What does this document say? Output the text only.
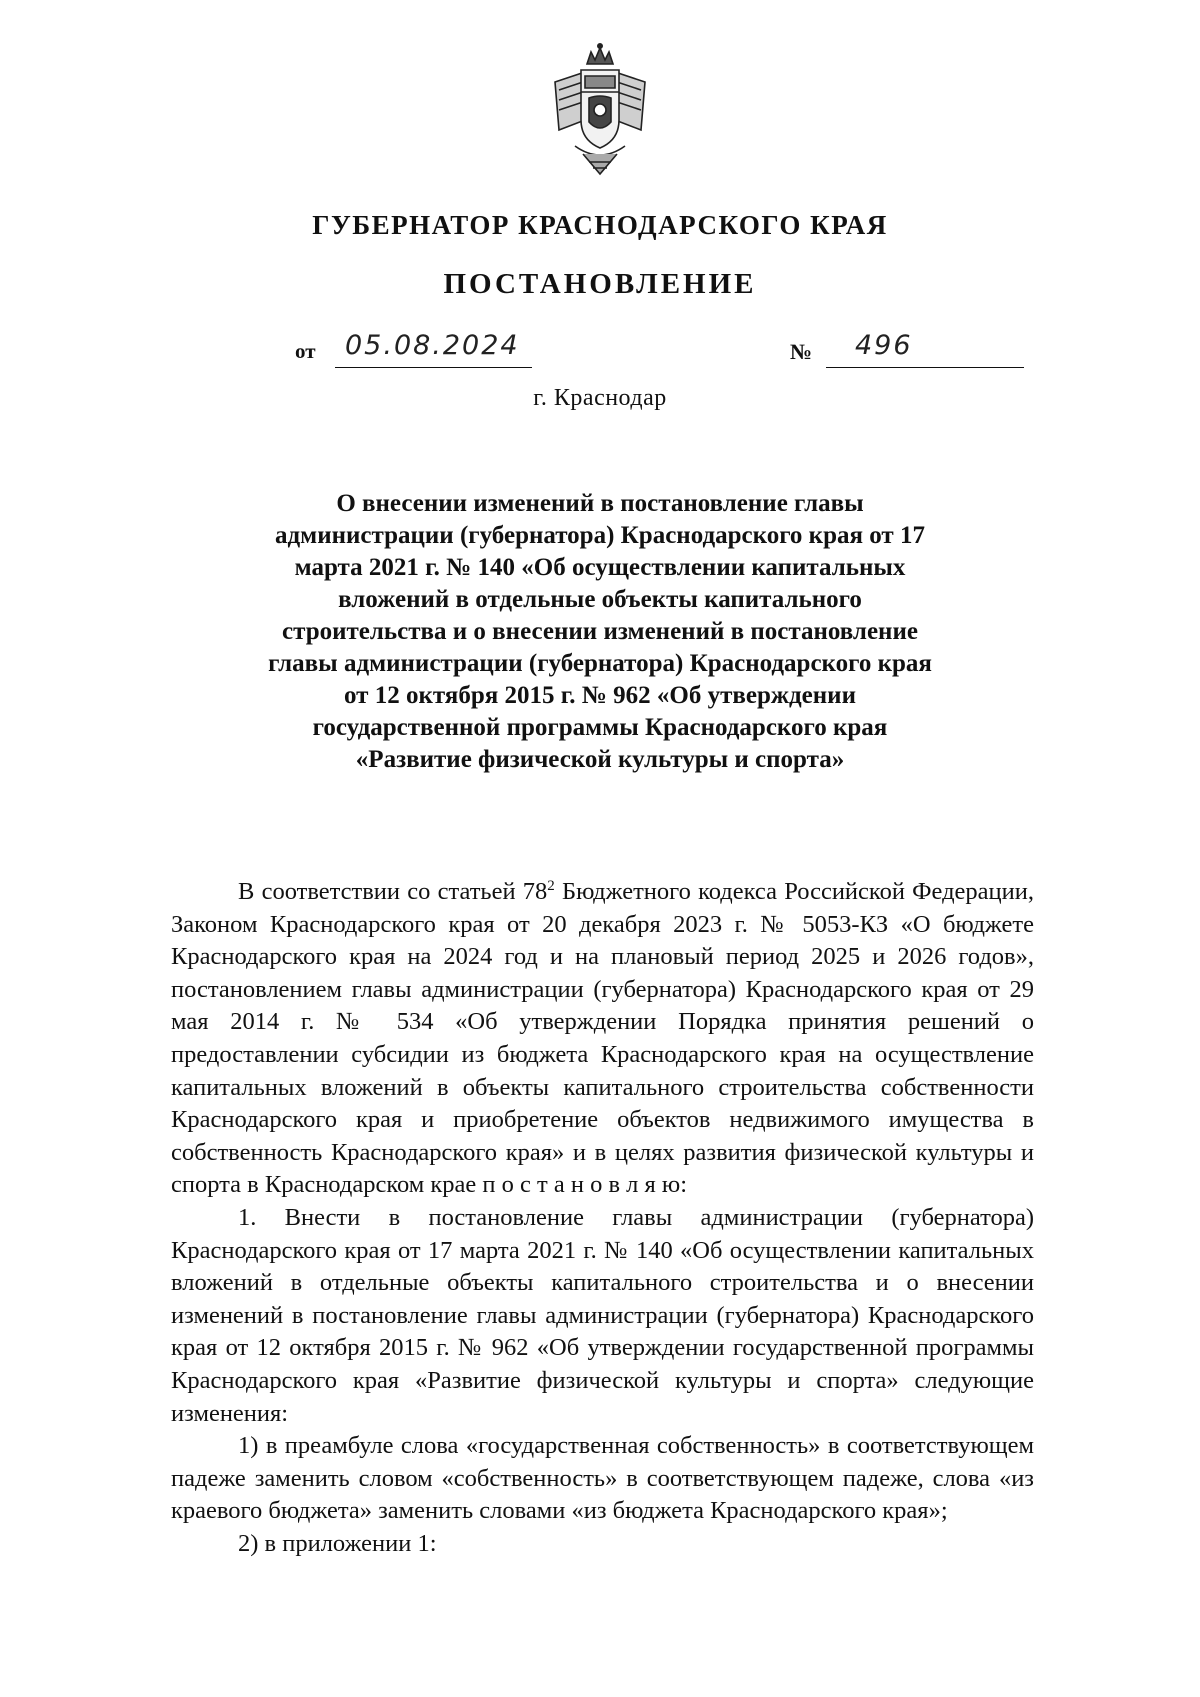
ГУБЕРНАТОР КРАСНОДАРСКОГО КРАЯ
ПОСТАНОВЛЕНИЕ
от 05.08.2024	№ 496
г. Краснодар
О внесении изменений в постановление главы администрации (губернатора) Краснодарского края от 17 марта 2021 г. № 140 «Об осуществлении капитальных вложений в отдельные объекты капитального строительства и о внесении изменений в постановление главы администрации (губернатора) Краснодарского края от 12 октября 2015 г. № 962 «Об утверждении государственной программы Краснодарского края «Развитие физической культуры и спорта»

В соответствии со статьей $78^2$ Бюджетного кодекса Российской Федерации, Законом Краснодарского края от 20 декабря 2023 г. № 5053-КЗ «О бюджете Краснодарского края на 2024 год и на плановый период 2025 и 2026 годов», постановлением главы администрации (губернатора) Краснодарского края от 29 мая 2014 г. № 534 «Об утверждении Порядка принятия решений о предоставлении субсидии из бюджета Краснодарского края на осуществление капитальных вложений в объекты капитального строительства собственности Краснодарского края и приобретение объектов недвижимого имущества в собственность Краснодарского края» и в целях развития физической культуры и спорта в Краснодарском крае п о с т а н о в л я ю:

1. Внести в постановление главы администрации (губернатора) Краснодарского края от 17 марта 2021 г. № 140 «Об осуществлении капитальных вложений в отдельные объекты капитального строительства и о внесении изменений в постановление главы администрации (губернатора) Краснодарского края от 12 октября 2015 г. № 962 «Об утверждении государственной программы Краснодарского края «Развитие физической культуры и спорта» следующие изменения:

1) в преамбуле слова «государственная собственность» в соответствующем падеже заменить словом «собственность» в соответствующем падеже, слова «из краевого бюджета» заменить словами «из бюджета Краснодарского края»;

2) в приложении 1:
